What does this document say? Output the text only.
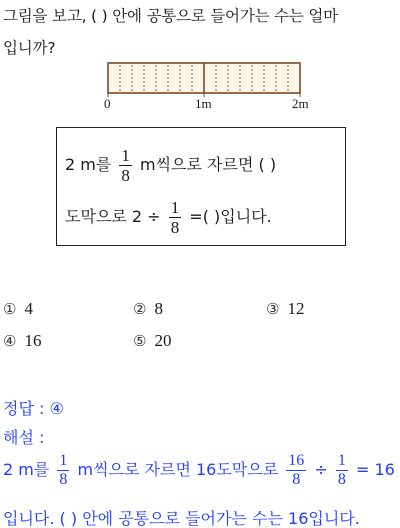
그림을 보고, ( ) 안에 공통으로 들어가는 수는 얼마
입니까?
0	1m	2m
2 m를 $\frac{1}{8}$ m씩으로 자르면 ( )
도막으로 $2 \div \frac{1}{8}$ =( )입니다.
① 4	② 8	③ 12
④ 16	⑤ 20
정답 : ④
해설 :
2 m를 $\frac{1}{8}$ m씩으로 자르면 16도막으로 $\frac{16}{8} \div \frac{1}{8} = 16$
입니다. ( ) 안에 공통으로 들어가는 수는 16입니다.
